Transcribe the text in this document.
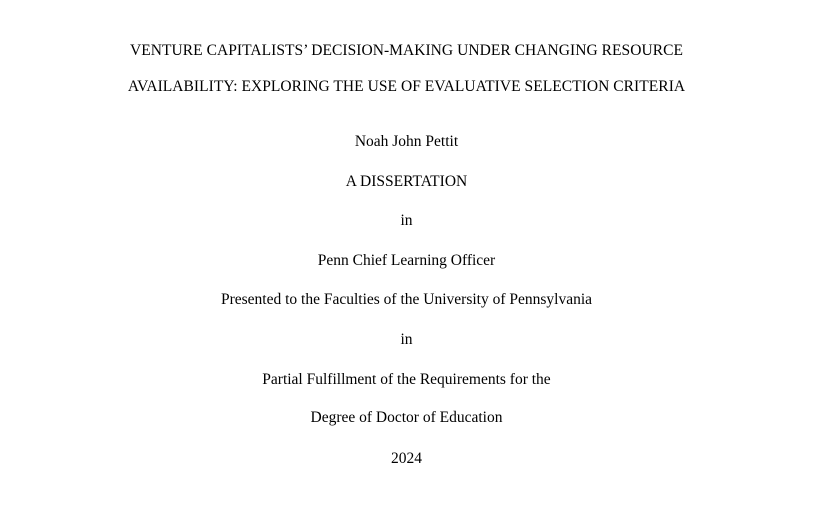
VENTURE CAPITALISTS’ DECISION-MAKING UNDER CHANGING RESOURCE
AVAILABILITY: EXPLORING THE USE OF EVALUATIVE SELECTION CRITERIA
Noah John Pettit
A DISSERTATION
in
Penn Chief Learning Officer
Presented to the Faculties of the University of Pennsylvania
in
Partial Fulfillment of the Requirements for the
Degree of Doctor of Education
2024
